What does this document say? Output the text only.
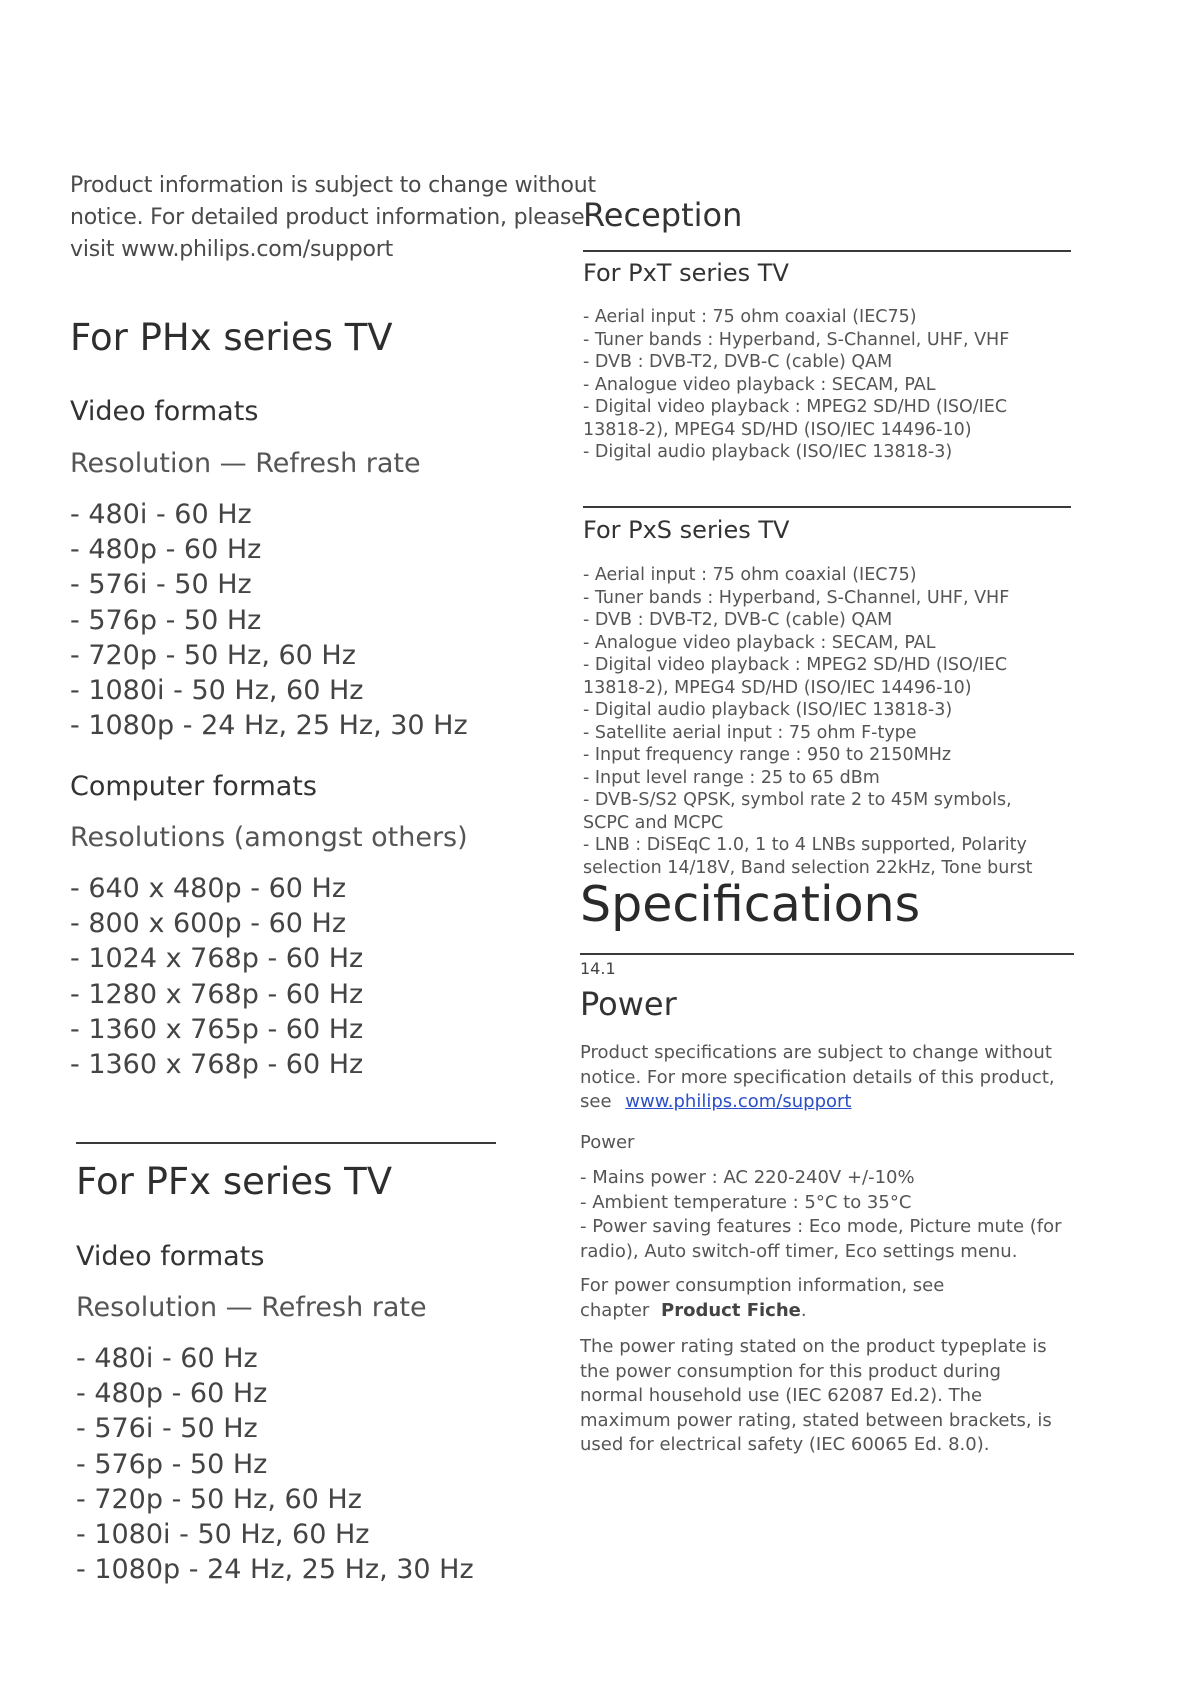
Product information is subject to change without
notice. For detailed product information, please
visit www.philips.com/support
For PHx series TV
Video formats
Resolution — Refresh rate
- 480i - 60 Hz
- 480p - 60 Hz
- 576i - 50 Hz
- 576p - 50 Hz
- 720p - 50 Hz, 60 Hz
- 1080i - 50 Hz, 60 Hz
- 1080p - 24 Hz, 25 Hz, 30 Hz
Computer formats
Resolutions (amongst others)
- 640 x 480p - 60 Hz
- 800 x 600p - 60 Hz
- 1024 x 768p - 60 Hz
- 1280 x 768p - 60 Hz
- 1360 x 765p - 60 Hz
- 1360 x 768p - 60 Hz
For PFx series TV
Video formats
Resolution — Refresh rate
- 480i - 60 Hz
- 480p - 60 Hz
- 576i - 50 Hz
- 576p - 50 Hz
- 720p - 50 Hz, 60 Hz
- 1080i - 50 Hz, 60 Hz
- 1080p - 24 Hz, 25 Hz, 30 Hz
Reception
For PxT series TV
- Aerial input : 75 ohm coaxial (IEC75)
- Tuner bands : Hyperband, S-Channel, UHF, VHF
- DVB : DVB-T2, DVB-C (cable) QAM
- Analogue video playback : SECAM, PAL
- Digital video playback : MPEG2 SD/HD (ISO/IEC
13818-2), MPEG4 SD/HD (ISO/IEC 14496-10)
- Digital audio playback (ISO/IEC 13818-3)
For PxS series TV
- Aerial input : 75 ohm coaxial (IEC75)
- Tuner bands : Hyperband, S-Channel, UHF, VHF
- DVB : DVB-T2, DVB-C (cable) QAM
- Analogue video playback : SECAM, PAL
- Digital video playback : MPEG2 SD/HD (ISO/IEC
13818-2), MPEG4 SD/HD (ISO/IEC 14496-10)
- Digital audio playback (ISO/IEC 13818-3)
- Satellite aerial input : 75 ohm F-type
- Input frequency range : 950 to 2150MHz
- Input level range : 25 to 65 dBm
- DVB-S/S2 QPSK, symbol rate 2 to 45M symbols,
SCPC and MCPC
- LNB : DiSEqC 1.0, 1 to 4 LNBs supported, Polarity
selection 14/18V, Band selection 22kHz, Tone burst
Specifications
14.1
Power
Product specifications are subject to change without
notice. For more specification details of this product,
see www.philips.com/support
Power
- Mains power : AC 220-240V +/-10%
- Ambient temperature : 5°C to 35°C
- Power saving features : Eco mode, Picture mute (for
radio), Auto switch-off timer, Eco settings menu.
For power consumption information, see
chapter Product Fiche.
The power rating stated on the product typeplate is
the power consumption for this product during
normal household use (IEC 62087 Ed.2). The
maximum power rating, stated between brackets, is
used for electrical safety (IEC 60065 Ed. 8.0).
